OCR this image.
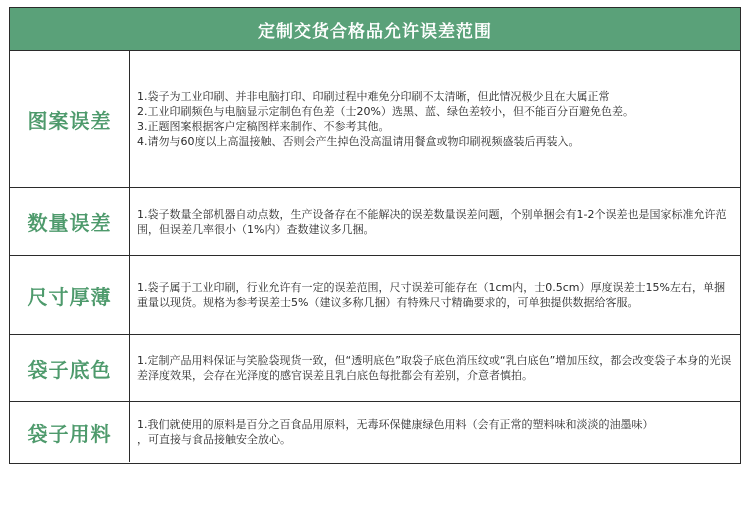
定制交货合格品允许误差范围
图案误差
1.袋子为工业印刷、并非电脑打印、印刷过程中难免分印刷不太清晰，但此情况极少且在大属正常
2.工业印刷频色与电脑显示定制色有色差（士20%）选黑、蓝、绿色差较小，但不能百分百避免色差。
3.正题图案根据客户定稿图样来制作、不参考其他。
4.请勿与60度以上高温接触、否则会产生掉色没高温请用餐盒或物印刷视频盛装后再装入。
数量误差 1.袋子数量全部机器自动点数，生产设备存在不能解决的误差数量误差问题，个别单捆会有1-2个误差也是国家标准允许范围，但误差几率很小（1%内）查数建议多几捆。
尺寸厚薄 1.袋子属于工业印刷，行业允许有一定的误差范围，尺寸误差可能存在（1cm内，士0.5cm）厚度误差士15%左右，单捆重量以现货。规格为参考误差士5%（建议多称几捆）有特殊尺寸精确要求的，可单独提供数据给客服。
袋子底色 1.定制产品用料保证与笑脸袋现货一致，但“透明底色”取袋子底色消压纹或“乳白底色”增加压纹，都会改变袋子本身的光误差泽度效果，会存在光泽度的感官误差且乳白底色每批都会有差别，介意者慎拍。
袋子用料 1.我们就使用的原料是百分之百食品用原料，无毒环保健康绿色用料（会有正常的塑料味和淡淡的油墨味）
，可直接与食品接触安全放心。
